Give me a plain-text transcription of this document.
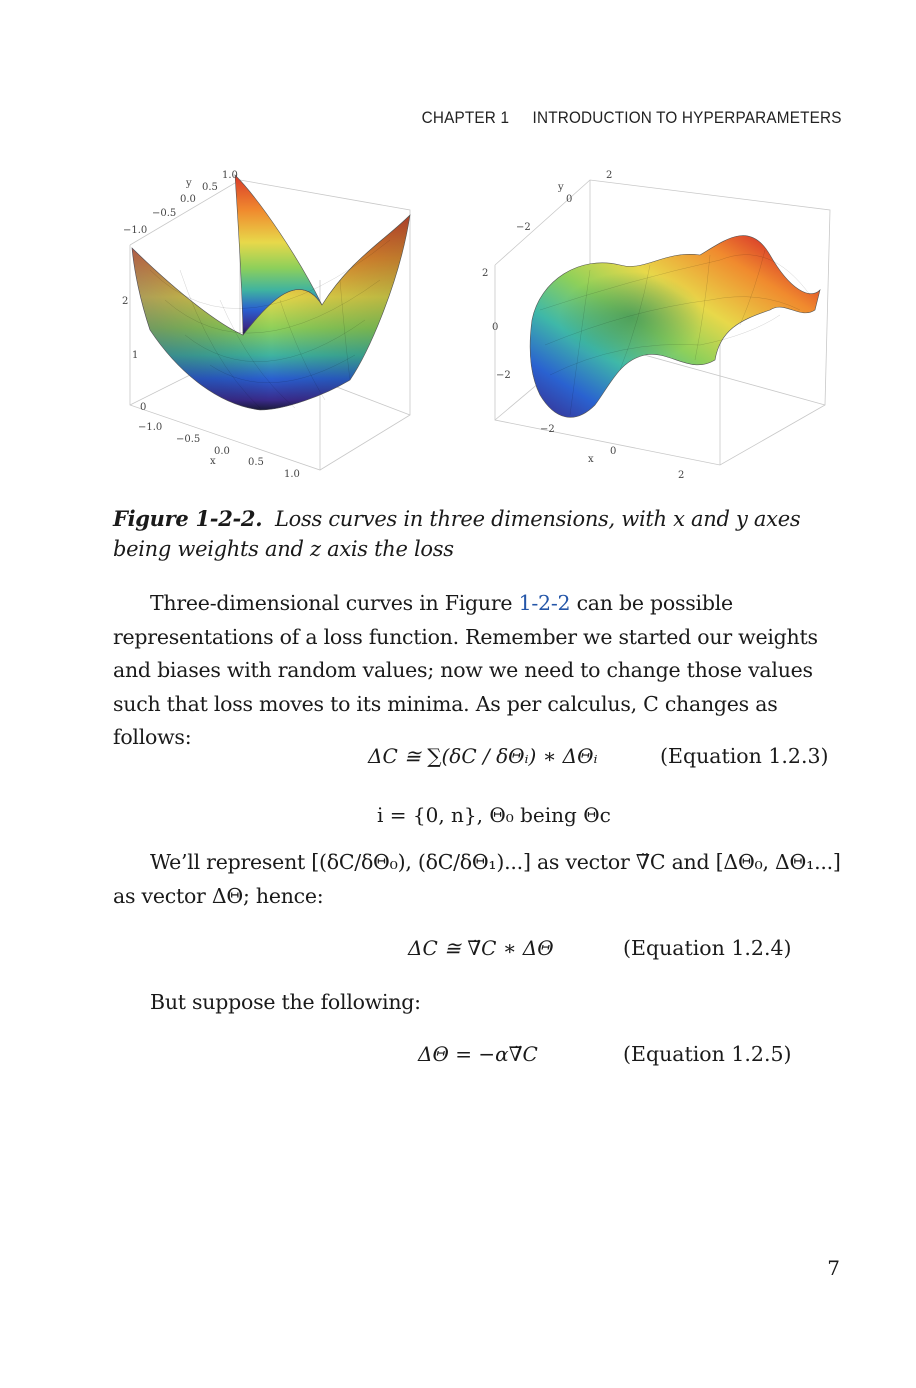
CHAPTER 1 INTRODUCTION TO HYPERPARAMETERS
y
1.0
0.5
0.0
−0.5
−1.0
2
1
0
−1.0
−0.5
0.0
x	0.5
1.0
y
2
0
−2
2
0
−2
−2
x
0
2
Figure 1-2-2. Loss curves in three dimensions, with x and y axes being weights and z axis the loss
Three-dimensional curves in Figure 1-2-2 can be possible representations of a loss function. Remember we started our weights and biases with random values; now we need to change those values such that loss moves to its minima. As per calculus, C changes as follows:
ΔC ≅ ∑(δC / δΘᵢ) ∗ ΔΘᵢ	(Equation 1.2.3)
i = {0, n}, Θ₀ being Θc
We’ll represent [(δC/δΘ₀), (δC/δΘ₁)...] as vector ∇̈C and [ΔΘ₀, ΔΘ₁...] as vector ΔΘ; hence:
ΔC ≅ ∇̈C ∗ ΔΘ	(Equation 1.2.4)
But suppose the following:
ΔΘ = −α∇̈C	(Equation 1.2.5)
7
